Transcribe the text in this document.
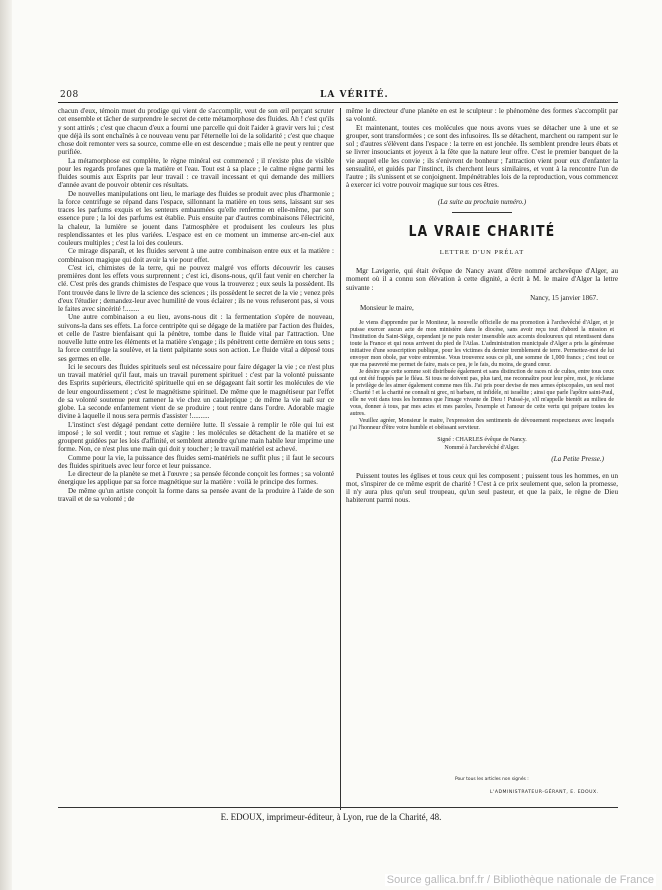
208	LA VÉRITÉ.

chacun d'eux, témoin muet du prodige qui vient de s'accomplir, veut de son œil perçant scruter cet ensemble et tâcher de surprendre le secret de cette métamorphose des fluides. Ah ! c'est qu'ils y sont attirés ; c'est que chacun d'eux a fourni une parcelle qui doit l'aider à gravir vers lui ; c'est que déjà ils sont enchaînés à ce nouveau venu par l'éternelle loi de la solidarité ; c'est que chaque chose doit remonter vers sa source, comme elle en est descendue ; mais elle ne peut y rentrer que purifiée.

La métamorphose est complète, le règne minéral est commencé ; il n'existe plus de visible pour les regards profanes que la matière et l'eau. Tout est à sa place ; le calme règne parmi les fluides soumis aux Esprits par leur travail : ce travail incessant et qui demande des milliers d'année avant de pouvoir obtenir ces résultats.

De nouvelles manipulations ont lieu, le mariage des fluides se produit avec plus d'harmonie ; la force centrifuge se répand dans l'espace, sillonnant la matière en tous sens, laissant sur ses traces les parfums exquis et les senteurs embaumées qu'elle renferme en elle-même, par son essence pure ; la loi des parfums est établie. Puis ensuite par d'autres combinaisons l'électricité, la chaleur, la lumière se jouent dans l'atmosphère et produisent les couleurs les plus resplendissantes et les plus variées. L'espace est en ce moment un immense arc-en-ciel aux couleurs multiples ; c'est la loi des couleurs.

Ce mirage disparaît, et les fluides servent à une autre combinaison entre eux et la matière : combinaison magique qui doit avoir la vie pour effet.

C'est ici, chimistes de la terre, qui ne pouvez malgré vos efforts découvrir les causes premières dont les effets vous surprennent ; c'est ici, disons-nous, qu'il faut venir en chercher la clé. C'est près des grands chimistes de l'espace que vous la trouverez ; eux seuls la possèdent. Ils l'ont trouvée dans le livre de la science des sciences ; ils possèdent le secret de la vie ; venez près d'eux l'étudier ; demandez-leur avec humilité de vous éclairer ; ils ne vous refuseront pas, si vous le faites avec sincérité !........

Une autre combinaison a eu lieu, avons-nous dit : la fermentation s'opère de nouveau, suivons-la dans ses effets. La force centripète qui se dégage de la matière par l'action des fluides, et celle de l'astre bienfaisant qui la pénètre, tombe dans le fluide vital par l'attraction. Une nouvelle lutte entre les éléments et la matière s'engage ; ils pénètrent cette dernière en tous sens ; la force centrifuge la soulève, et la tient palpitante sous son action. Le fluide vital a déposé tous ses germes en elle.

Ici le secours des fluides spirituels seul est nécessaire pour faire dégager la vie ; ce n'est plus un travail matériel qu'il faut, mais un travail purement spirituel : c'est par la volonté puissante des Esprits supérieurs, électricité spirituelle qui en se dégageant fait sortir les molécules de vie de leur engourdissement ; c'est le magnétisme spirituel. De même que le magnétiseur par l'effet de sa volonté soutenue peut ramener la vie chez un cataleptique ; de même la vie naît sur ce globe. La seconde enfantement vient de se produire ; tout rentre dans l'ordre. Adorable magie divine à laquelle il nous sera permis d'assister !..........

L'instinct s'est dégagé pendant cette dernière lutte. Il s'essaie à remplir le rôle qui lui est imposé ; le sol verdit ; tout remue et s'agite : les molécules se détachent de la matière et se groupent guidées par les lois d'affinité, et semblent attendre qu'une main habile leur imprime une forme. Non, ce n'est plus une main qui doit y toucher ; le travail matériel est achevé.

Comme pour la vie, la puissance des fluides semi-matériels ne suffit plus ; il faut le secours des fluides spirituels avec leur force et leur puissance.

Le directeur de la planète se met à l'œuvre ; sa pensée féconde conçoit les formes ; sa volonté énergique les applique par sa force magnétique sur la matière : voilà le principe des formes.

De même qu'un artiste conçoit la forme dans sa pensée avant de la produire à l'aide de son travail et de sa volonté ; de

même le directeur d'une planète en est le sculpteur : le phénomène des formes s'accomplit par sa volonté.

Et maintenant, toutes ces molécules que nous avons vues se détacher une à une et se grouper, sont transformées ; ce sont des infusoires. Ils se détachent, marchent ou rampent sur le sol ; d'autres s'élèvent dans l'espace : la terre en est jonchée. Ils semblent prendre leurs ébats et se livrer insouciants et joyeux à la fête que la nature leur offre. C'est le premier banquet de la vie auquel elle les convie ; ils s'enivrent de bonheur ; l'attraction vient pour eux d'enfanter la sensualité, et guidés par l'instinct, ils cherchent leurs similaires, et vont à la rencontre l'un de l'autre ; ils s'unissent et se conjoignent. Impénétrables lois de la reproduction, vous commencez à exercer ici votre pouvoir magique sur tous ces êtres.

(La suite au prochain numéro.)

LA VRAIE CHARITÉ
LETTRE D'UN PRÉLAT

Mgr Lavigerie, qui était évêque de Nancy avant d'être nommé archevêque d'Alger, au moment où il a connu son élévation à cette dignité, a écrit à M. le maire d'Alger la lettre suivante :

Nancy, 15 janvier 1867.
Monsieur le maire,

Je viens d'apprendre par le Moniteur, la nouvelle officielle de ma promotion à l'archevêché d'Alger, et je puisse exercer aucun acte de mon ministère dans le diocèse, sans avoir reçu tout d'abord la mission et l'institution du Saint-Siège, cependant je ne puis rester insensible aux accents douloureux qui retentissent dans toute la France et qui nous arrivent du pied de l'Atlas. L'administration municipale d'Alger a pris la généreuse initiative d'une souscription publique, pour les victimes du dernier tremblement de terre. Permettez-moi de lui envoyer mon obole, par votre entremise. Vous trouverez sous ce pli, une somme de 1,000 francs ; c'est tout ce que ma pauvreté me permet de faire, mais ce peu, je le fais, du moins, de grand cœur.

Je désire que cette somme soit distribuée également et sans distinction de races ni de cultes, entre tous ceux qui ont été frappés par le fléau. Si tous ne doivent pas, plus tard, me reconnaître pour leur père, moi, je réclame le privilège de les aimer également comme mes fils. J'ai pris pour devise de mes armes épiscopales, un seul mot : Charité ! et la charité ne connaît ni grec, ni barbare, ni infidèle, ni israélite ; ainsi que parle l'apôtre saint-Paul, elle ne voit dans tous les hommes que l'image vivante de Dieu ! Puissé-je, s'il m'appelle bientôt au milieu de vous, donner à tous, par mes actes et mes paroles, l'exemple et l'amour de cette vertu qui prépare toutes les autres.

Veuillez agréer, Monsieur le maire, l'expression des sentiments de dévouement respectueux avec lesquels j'ai l'honneur d'être votre humble et obéissant serviteur.

Signé : CHARLES évêque de Nancy.
Nommé à l'archevêché d'Alger.
(La Petite Presse.)

Puissent toutes les églises et tous ceux qui les composent ; puissent tous les hommes, en un mot, s'inspirer de ce même esprit de charité ! C'est à ce prix seulement que, selon la promesse, il n'y aura plus qu'un seul troupeau, qu'un seul pasteur, et que la paix, le règne de Dieu habiteront parmi nous.

Pour tous les articles non signés :
L'ADMINISTRATEUR-GÉRANT, E. EDOUX.
E. EDOUX, imprimeur-éditeur, à Lyon, rue de la Charité, 48.
Source gallica.bnf.fr / Bibliothèque nationale de France
